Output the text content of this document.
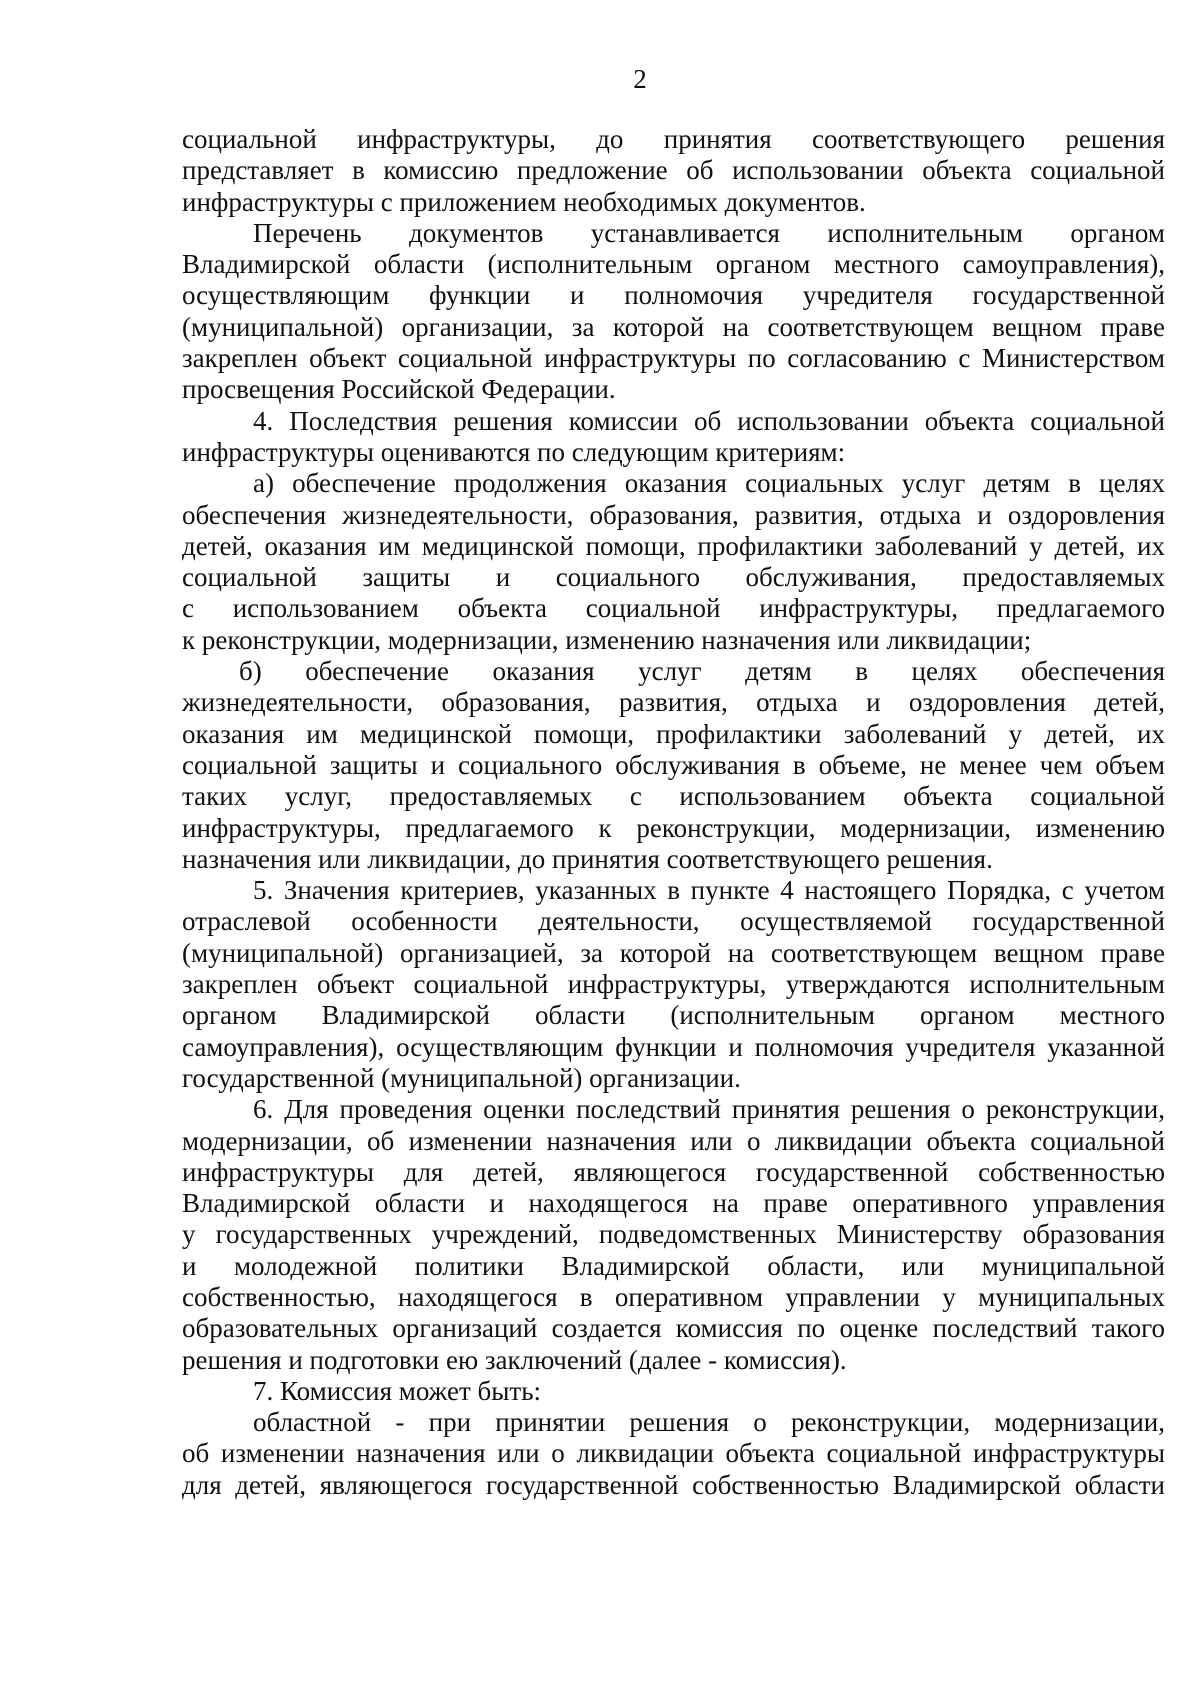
2
социальной инфраструктуры, до принятия соответствующего решения
представляет в комиссию предложение об использовании объекта социальной
инфраструктуры с приложением необходимых документов.
Перечень документов устанавливается исполнительным органом
Владимирской области (исполнительным органом местного самоуправления),
осуществляющим функции и полномочия учредителя государственной
(муниципальной) организации, за которой на соответствующем вещном праве
закреплен объект социальной инфраструктуры по согласованию с Министерством
просвещения Российской Федерации.
4. Последствия решения комиссии об использовании объекта социальной
инфраструктуры оцениваются по следующим критериям:
а) обеспечение продолжения оказания социальных услуг детям в целях
обеспечения жизнедеятельности, образования, развития, отдыха и оздоровления
детей, оказания им медицинской помощи, профилактики заболеваний у детей, их
социальной защиты и социального обслуживания, предоставляемых
с использованием объекта социальной инфраструктуры, предлагаемого
к реконструкции, модернизации, изменению назначения или ликвидации;
б) обеспечение оказания услуг детям в целях обеспечения
жизнедеятельности, образования, развития, отдыха и оздоровления детей,
оказания им медицинской помощи, профилактики заболеваний у детей, их
социальной защиты и социального обслуживания в объеме, не менее чем объем
таких услуг, предоставляемых с использованием объекта социальной
инфраструктуры, предлагаемого к реконструкции, модернизации, изменению
назначения или ликвидации, до принятия соответствующего решения.
5. Значения критериев, указанных в пункте 4 настоящего Порядка, с учетом
отраслевой особенности деятельности, осуществляемой государственной
(муниципальной) организацией, за которой на соответствующем вещном праве
закреплен объект социальной инфраструктуры, утверждаются исполнительным
органом Владимирской области (исполнительным органом местного
самоуправления), осуществляющим функции и полномочия учредителя указанной
государственной (муниципальной) организации.
6. Для проведения оценки последствий принятия решения о реконструкции,
модернизации, об изменении назначения или о ликвидации объекта социальной
инфраструктуры для детей, являющегося государственной собственностью
Владимирской области и находящегося на праве оперативного управления
у государственных учреждений, подведомственных Министерству образования
и молодежной политики Владимирской области, или муниципальной
собственностью, находящегося в оперативном управлении у муниципальных
образовательных организаций создается комиссия по оценке последствий такого
решения и подготовки ею заключений (далее - комиссия).
7. Комиссия может быть:
областной - при принятии решения о реконструкции, модернизации,
об изменении назначения или о ликвидации объекта социальной инфраструктуры
для детей, являющегося государственной собственностью Владимирской области
